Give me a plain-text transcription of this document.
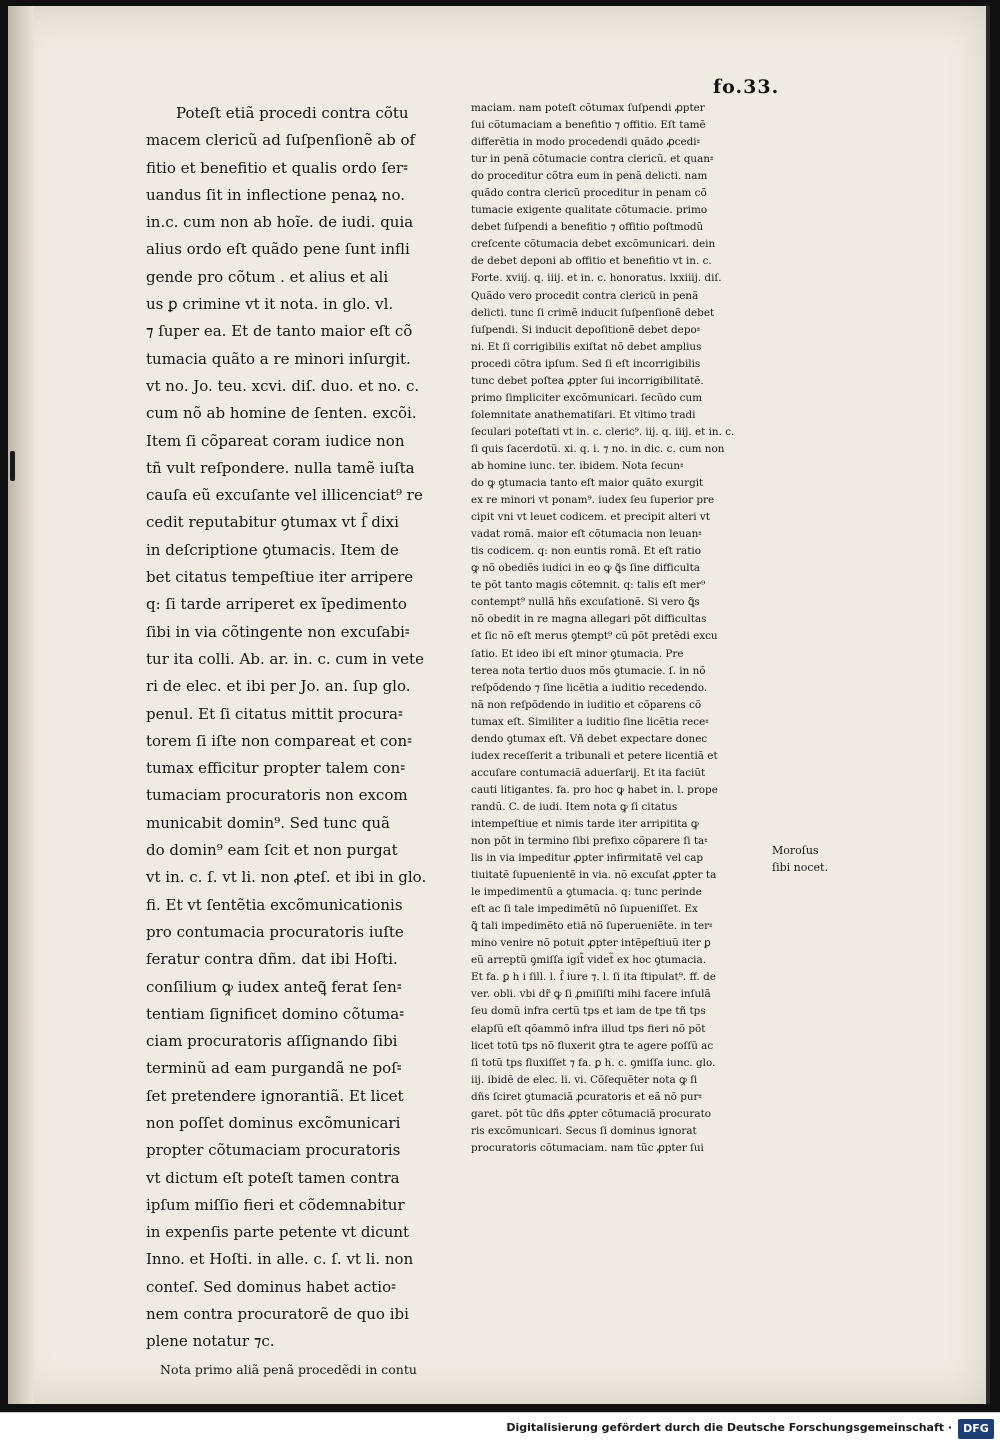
fo.33.
Poteſt etiã procedi contra cõtu
macem clericũ ad ſuſpenſionẽ ab of
fitio et benefitio et qualis ordo ſer⹀
uandus ſit in inflectione penaꝝ no.
in.c. cum non ab hoĩe. de iudi. quia
alius ordo eſt quãdo pene ſunt infli
gende pro cõtum . et alius et ali
us ꝑ crimine vt it nota. in glo. vl.
⁊ ſuper ea. Et de tanto maior eſt cõ
tumacia quãto a re minori inſurgit.
vt no. Jo. teu. xcvi. diſ. duo. et no. c.
cum nõ ab homine de ſenten. excõi.
Item ſi cõpareat coram iudice non
tñ vult reſpondere. nulla tamẽ iuſta
cauſa eũ excuſante vel illicenciat⁹ re
cedit reputabitur ꝯtumax vt ſ̃ dixi
in deſcriptione ꝯtumacis. Item de
bet citatus tempeſtiue iter arripere
q: ſi tarde arriperet ex ĩpedimento
ſibi in via cõtingente non excuſabi⹀
tur ita colli. Ab. ar. in. c. cum in vete
ri de elec. et ibi per Jo. an. ſup glo.
penul. Et ſi citatus mittit procura⹀
torem ſi iſte non compareat et con⹀
tumax efficitur propter talem con⹀
tumaciam procuratoris non excom
municabit domin⁹. Sed tunc quã
do domin⁹ eam ſcit et non purgat
vt in. c. ſ. vt li. non ꝓteſ. et ibi in glo.
fi. Et vt ſentẽtia excõmunicationis
pro contumacia procuratoris iuſte
feratur contra dñm. dat ibi Hoſti.
conſilium ꝙ iudex anteꝗ̃ ferat ſen⹀
tentiam ſignificet domino cõtuma⹀
ciam procuratoris aſſignando ſibi
terminũ ad eam purgandã ne poſ⹀
ſet pretendere ignorantiã. Et licet
non poſſet dominus excõmunicari
propter cõtumaciam procuratoris
vt dictum eſt poteſt tamen contra
ipſum miſſio fieri et cõdemnabitur
in expenſis parte petente vt dicunt
Inno. et Hoſti. in alle. c. ſ. vt li. non
conteſ. Sed dominus habet actio⹀
nem contra procuratorẽ de quo ibi
plene notatur ⁊c.
Nota primo aliã penã procedẽdi in contu
maciam. nam poteſt cõtumax ſuſpendi ꝓpter
ſui cõtumaciam a benefitio ⁊ offitio. Eſt tamẽ
differẽtia in modo procedendi quãdo ꝓcedi⹀
tur in penã cõtumacie contra clericũ. et quan⹀
do proceditur cõtra eum in penã delicti. nam
quãdo contra clericũ proceditur in penam cõ
tumacie exigente qualitate cõtumacie. primo
debet ſuſpendi a benefitio ⁊ offitio poſtmodũ
creſcente cõtumacia debet excõmunicari. dein
de debet deponi ab offitio et benefitio vt in. c.
Forte. xviij. q. iiij. et in. c. honoratus. lxxiiij. diſ.
Quãdo vero procedit contra clericũ in penã
delicti. tunc ſi crimẽ inducit ſuſpenſionẽ debet
ſuſpendi. Si inducit depoſitionẽ debet depo⹀
ni. Et ſi corrigibilis exiſtat nõ debet amplius
procedi cõtra ipſum. Sed ſi eſt incorrigibilis
tunc debet poſtea ꝓpter ſui incorrigibilitatẽ.
primo ſimpliciter excõmunicari. ſecũdo cum
ſolemnitate anathematiſari. Et vltimo tradi
ſeculari poteſtati vt in. c. cleric⁹. iij. q. iiij. et in. c.
ſi quis ſacerdotũ. xi. q. i. ⁊ no. in dic. c. cum non
ab homine iunc. ter. ibidem. Nota ſecun⹀
do ꝙ ꝯtumacia tanto eſt maior quãto exurgit
ex re minori vt ponam⁹. iudex ſeu ſuperior pre
cipit vni vt leuet codicem. et precipit alteri vt
vadat romã. maior eſt cõtumacia non leuan⹀
tis codicem. q: non euntis romã. Et eſt ratio
ꝙ nõ obediẽs iudici in eo ꝙ ꝗ̃s ſine difficulta
te põt tanto magis cõtemnit. q: talis eſt mer⁹
contempt⁹ nullã hñs excuſationẽ. Si vero ꝗ̃s
nõ obedit in re magna allegari põt difficultas
et ſic nõ eſt merus ꝯtempt⁹ cũ põt pretẽdi excu
ſatio. Et ideo ibi eſt minor ꝯtumacia. Pre
terea nota tertio duos mõs ꝯtumacie. ſ. in nõ
reſpõdendo ⁊ ſine licẽtia a iuditio recedendo.
nã non reſpõdendo in iuditio et cõparens cõ
tumax eſt. Similiter a iuditio ſine licẽtia rece⹀
dendo ꝯtumax eſt. Vñ debet expectare donec
iudex receſſerit a tribunali et petere licentiã et
accuſare contumaciã aduerſarij. Et ita faciũt
cauti litigantes. fa. pro hoc ꝙ habet in. l. prope
randũ. C. de iudi. Item nota ꝙ ſi citatus
intempeſtiue et nimis tarde iter arripitita ꝙ
non põt in termino ſibi prefixo cõparere ſi ta⹀
lis in via impeditur ꝓpter infirmitatẽ vel cap
tiuitatẽ ſupuenientẽ in via. nõ excuſat ꝓpter ta
le impedimentũ a ꝯtumacia. q: tunc perinde
eſt ac ſi tale impedimẽtũ nõ ſupueniſſet. Ex
ꝗ̃ tali impedimẽto etiã nõ ſuperueniẽte. in ter⹀
mino venire nõ potuit ꝓpter intẽpeſtiuũ iter ꝑ
eũ arreptũ ꝯmiſſa igit̃ videt̃ ex hoc ꝯtumacia.
Et fa. ꝑ h i ſill. l. ſ̃ iure ⁊. l. ſi ita ſtipulat⁹. ff. de
ver. obli. vbi dr̃ ꝙ ſi ꝓmiſiſti mihi facere inſulã
ſeu domũ infra certũ tps et iam de tpe tñ tps
elapſũ eſt qõammõ infra illud tps fieri nõ põt
licet totũ tps nõ fluxerit ꝯtra te agere poſſũ ac
ſi totũ tps fluxiſſet ⁊ fa. ꝑ h. c. ꝯmiſſa iunc. glo.
iij. ibidẽ de elec. li. vi. Cõſequẽter nota ꝙ ſi
dñs ſciret ꝯtumaciã ꝓcuratoris et eã nõ pur⹀
garet. põt tũc dñs ꝓpter cõtumaciã procurato
ris excõmunicari. Secus ſi dominus ignorat
procuratoris cõtumaciam. nam tũc ꝓpter ſui
Moroſus
ſibi nocet.
Digitalisierung gefördert durch die Deutsche Forschungsgemeinschaft ·	DFG
